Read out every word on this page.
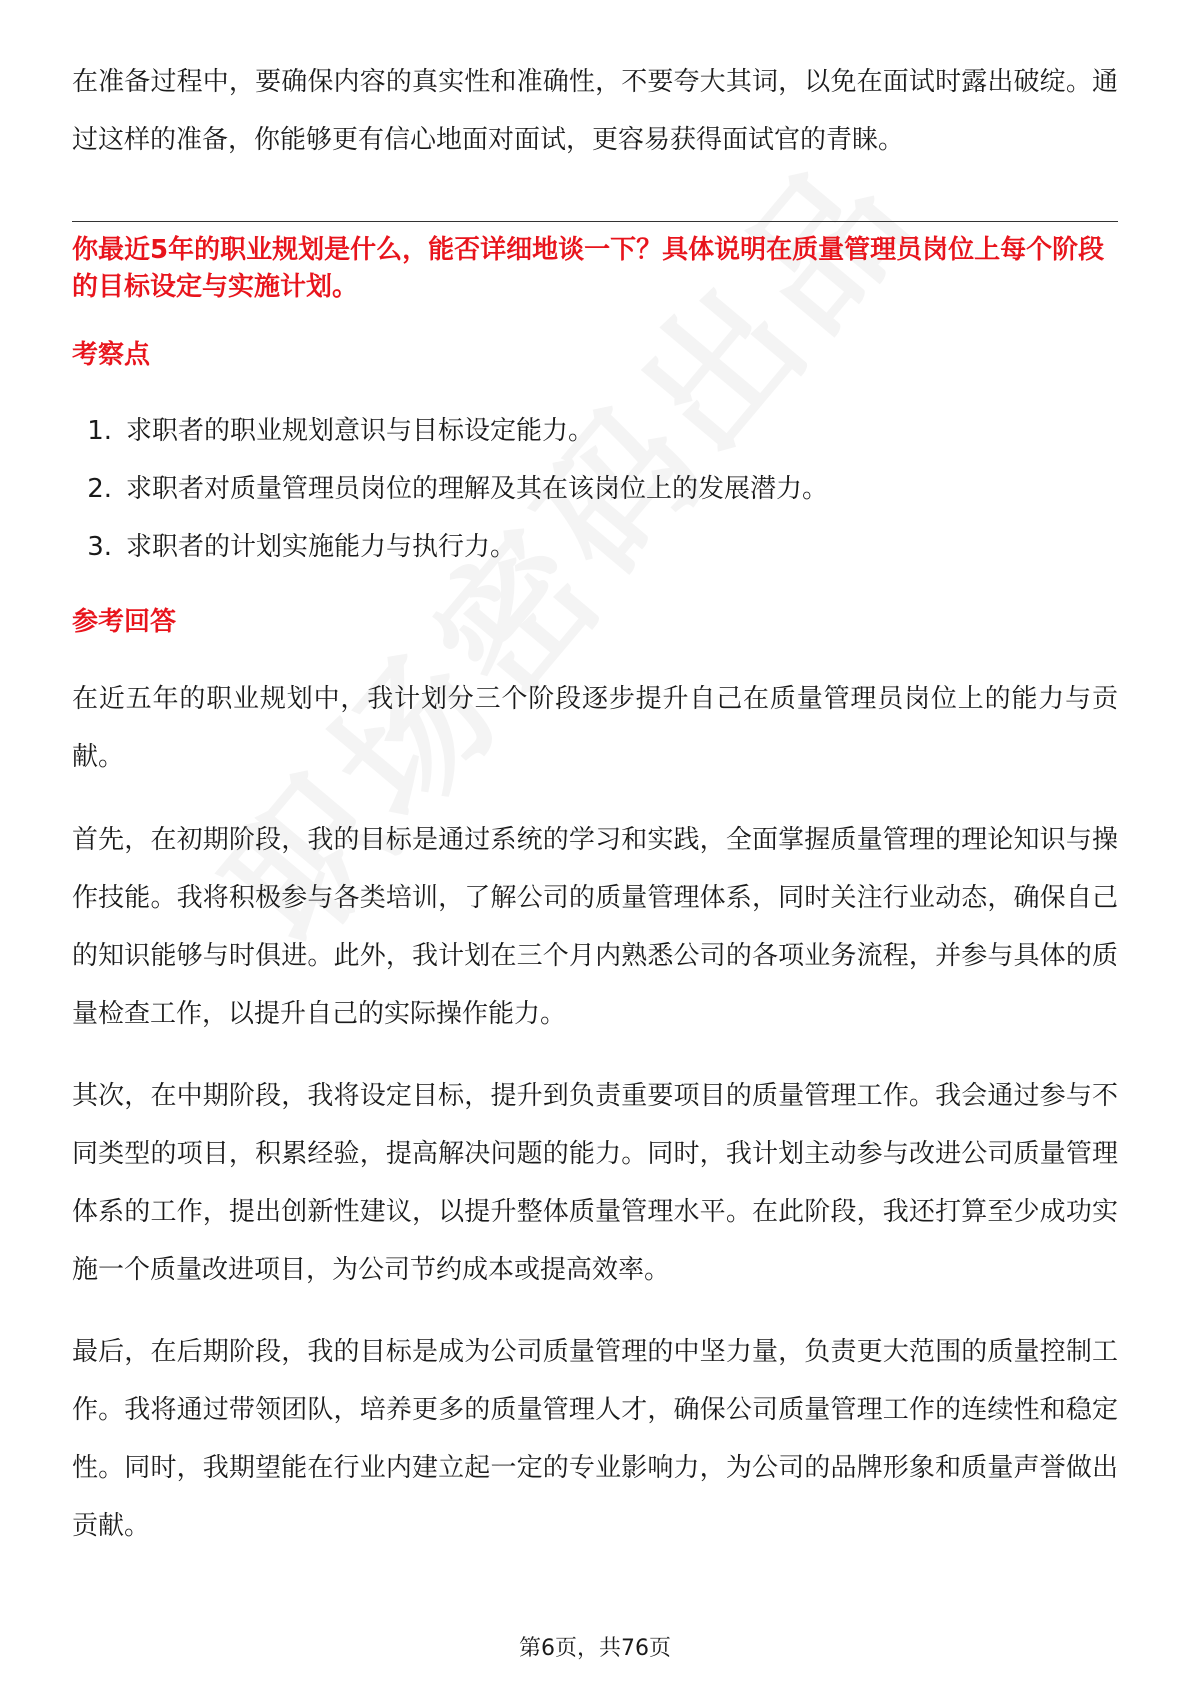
在准备过程中，要确保内容的真实性和准确性，不要夸大其词，以免在面试时露出破绽。通过这样的准备，你能够更有信心地面对面试，更容易获得面试官的青睐。

你最近5年的职业规划是什么，能否详细地谈一下？具体说明在质量管理员岗位上每个阶段的目标设定与实施计划。

考察点

1. 求职者的职业规划意识与目标设定能力。
2. 求职者对质量管理员岗位的理解及其在该岗位上的发展潜力。
3. 求职者的计划实施能力与执行力。

参考回答

在近五年的职业规划中，我计划分三个阶段逐步提升自己在质量管理员岗位上的能力与贡献。

首先，在初期阶段，我的目标是通过系统的学习和实践，全面掌握质量管理的理论知识与操作技能。我将积极参与各类培训，了解公司的质量管理体系，同时关注行业动态，确保自己的知识能够与时俱进。此外，我计划在三个月内熟悉公司的各项业务流程，并参与具体的质量检查工作，以提升自己的实际操作能力。

其次，在中期阶段，我将设定目标，提升到负责重要项目的质量管理工作。我会通过参与不同类型的项目，积累经验，提高解决问题的能力。同时，我计划主动参与改进公司质量管理体系的工作，提出创新性建议，以提升整体质量管理水平。在此阶段，我还打算至少成功实施一个质量改进项目，为公司节约成本或提高效率。

最后，在后期阶段，我的目标是成为公司质量管理的中坚力量，负责更大范围的质量控制工作。我将通过带领团队，培养更多的质量管理人才，确保公司质量管理工作的连续性和稳定性。同时，我期望能在行业内建立起一定的专业影响力，为公司的品牌形象和质量声誉做出贡献。

第6页，共76页
